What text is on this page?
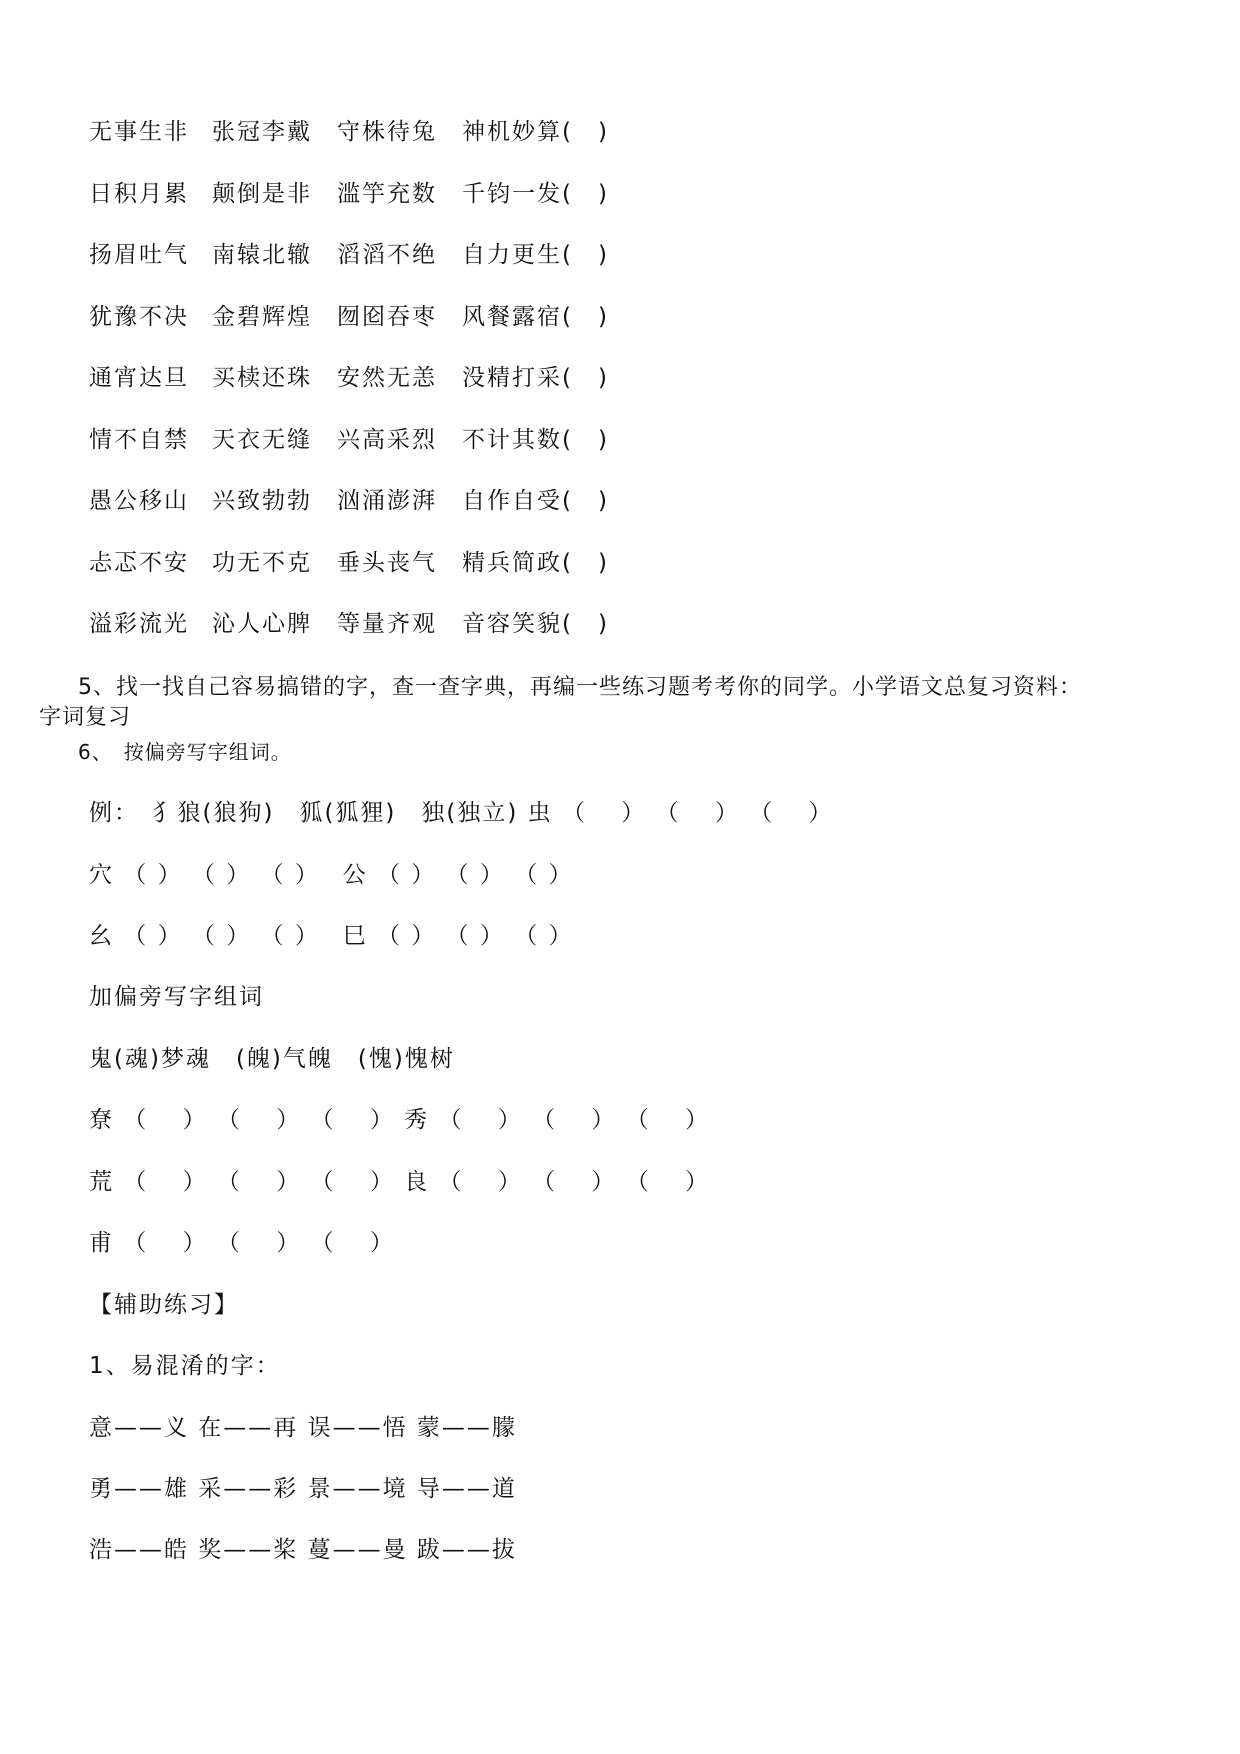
无事生非 张冠李戴 守株待兔 神机妙算(　)
日积月累 颠倒是非 滥竽充数 千钧一发(　)
扬眉吐气 南辕北辙 滔滔不绝 自力更生(　)
犹豫不决 金碧辉煌 囫囵吞枣 风餐露宿(　)
通宵达旦 买椟还珠 安然无恙 没精打采(　)
情不自禁 天衣无缝 兴高采烈 不计其数(　)
愚公移山 兴致勃勃 汹涌澎湃 自作自受(　)
忐忑不安 功无不克 垂头丧气 精兵简政(　)
溢彩流光 沁人心脾 等量齐观 音容笑貌(　)
5、找一找自己容易搞错的字，查一查字典，再编一些练习题考考你的同学。小学语文总复习资料：
字词复习
6、　按偏旁写字组词。
例：　犭狼(狼狗)　狐(狐狸)　独(独立) 虫 （　 ） （　 ） （　 ）
穴 （ ） （ ） （ ）　 公 （ ） （ ） （ ）
幺 （ ） （ ） （ ）　 巳 （ ） （ ） （ ）
加偏旁写字组词
鬼(魂)梦魂　(魄)气魄　(愧)愧树
尞 （　 ） （　 ） （　 ） 秀 （　 ） （　 ） （　 ）
荒 （　 ） （　 ） （　 ） 良 （　 ） （　 ） （　 ）
甫 （　 ） （　 ） （　 ）
【辅助练习】
1、易混淆的字：
意——义 在——再 误——悟 蒙——朦
勇——雄 采——彩 景——境 导——道
浩——皓 奖——桨 蔓——曼 跋——拔
